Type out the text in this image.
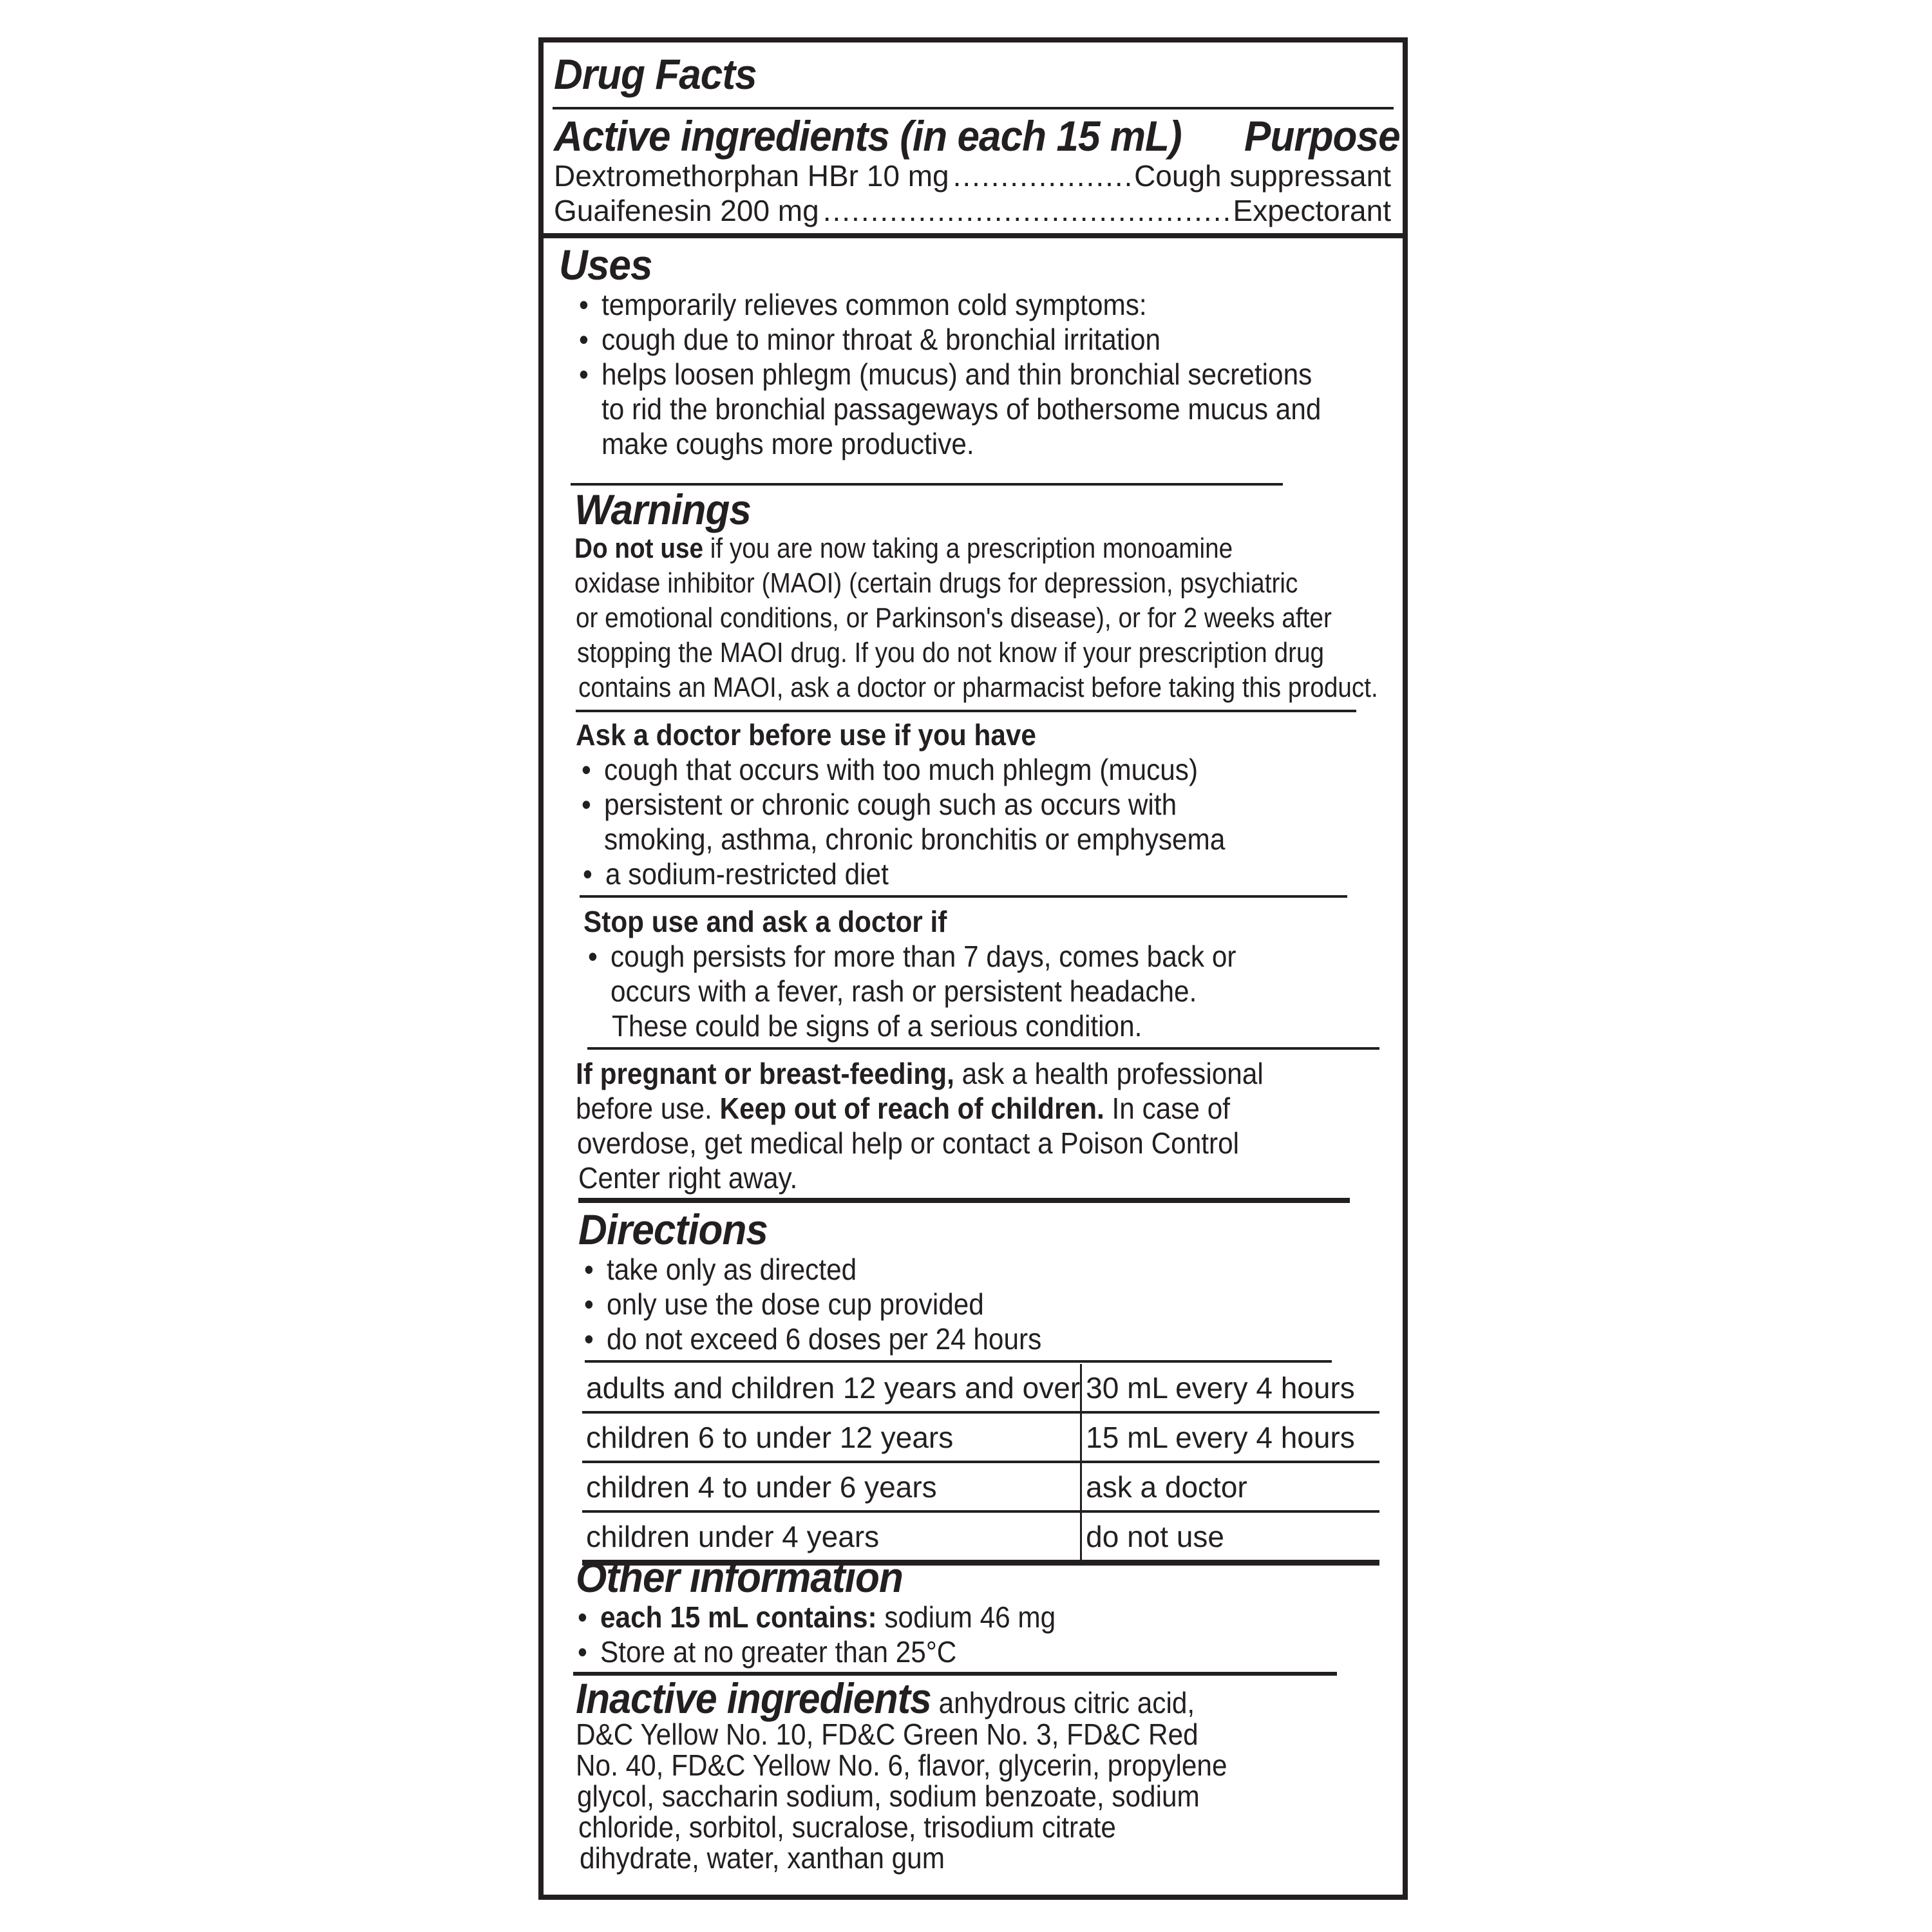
Drug Facts
Active ingredients (in each 15 mL) Purpose
Dextromethorphan HBr 10 mg .....	Cough suppressant
Guaifenesin 200 mg .....	Expectorant
Uses
• temporarily relieves common cold symptoms:
• cough due to minor throat & bronchial irritation
• helps loosen phlegm (mucus) and thin bronchial secretions
to rid the bronchial passageways of bothersome mucus and
make coughs more productive.
Warnings
Do not use if you are now taking a prescription monoamine
oxidase inhibitor (MAOI) (certain drugs for depression, psychiatric
or emotional conditions, or Parkinson's disease), or for 2 weeks after
stopping the MAOI drug. If you do not know if your prescription drug
contains an MAOI, ask a doctor or pharmacist before taking this product.
Ask a doctor before use if you have
• cough that occurs with too much phlegm (mucus)
• persistent or chronic cough such as occurs with
smoking, asthma, chronic bronchitis or emphysema
• a sodium-restricted diet
Stop use and ask a doctor if
• cough persists for more than 7 days, comes back or
occurs with a fever, rash or persistent headache.
These could be signs of a serious condition.
If pregnant or breast-feeding, ask a health professional
before use. Keep out of reach of children. In case of
overdose, get medical help or contact a Poison Control
Center right away.
Directions
• take only as directed
• only use the dose cup provided
• do not exceed 6 doses per 24 hours
adults and children 12 years and over	30 mL every 4 hours
children 6 to under 12 years	15 mL every 4 hours
children 4 to under 6 years	ask a doctor
children under 4 years	do not use
Other information
• each 15 mL contains: sodium 46 mg
• Store at no greater than 25°C
Inactive ingredients anhydrous citric acid,
D&C Yellow No. 10, FD&C Green No. 3, FD&C Red
No. 40, FD&C Yellow No. 6, flavor, glycerin, propylene
glycol, saccharin sodium, sodium benzoate, sodium
chloride, sorbitol, sucralose, trisodium citrate
dihydrate, water, xanthan gum
